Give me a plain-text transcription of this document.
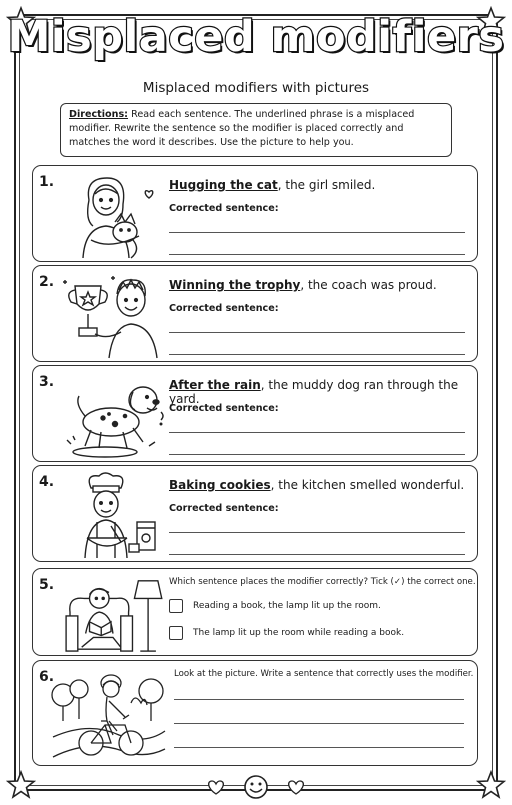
Misplaced modifiers
Misplaced modifiers with pictures
Directions: Read each sentence. The underlined phrase is a misplaced modifier. Rewrite the sentence so the modifier is placed correctly and matches the word it describes. Use the picture to help you.
1.	Hugging the cat, the girl smiled.
Corrected sentence:
2.	Winning the trophy, the coach was proud.
Corrected sentence:
3.	After the rain, the muddy dog ran through the yard.
Corrected sentence:
4.	Baking cookies, the kitchen smelled wonderful.
Corrected sentence:
5.	Which sentence places the modifier correctly? Tick (✓) the correct one.
Reading a book, the lamp lit up the room.
The lamp lit up the room while reading a book.
6.	Look at the picture. Write a sentence that correctly uses the modifier.
